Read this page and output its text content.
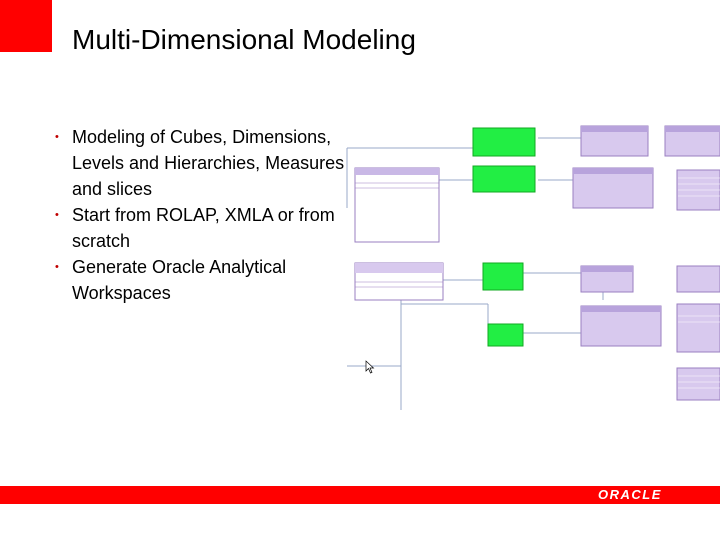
Multi-Dimensional Modeling
• Modeling of Cubes, Dimensions, Levels and Hierarchies, Measures and slices
• Start from ROLAP, XMLA or from scratch
• Generate Oracle Analytical Workspaces
ORACLE
